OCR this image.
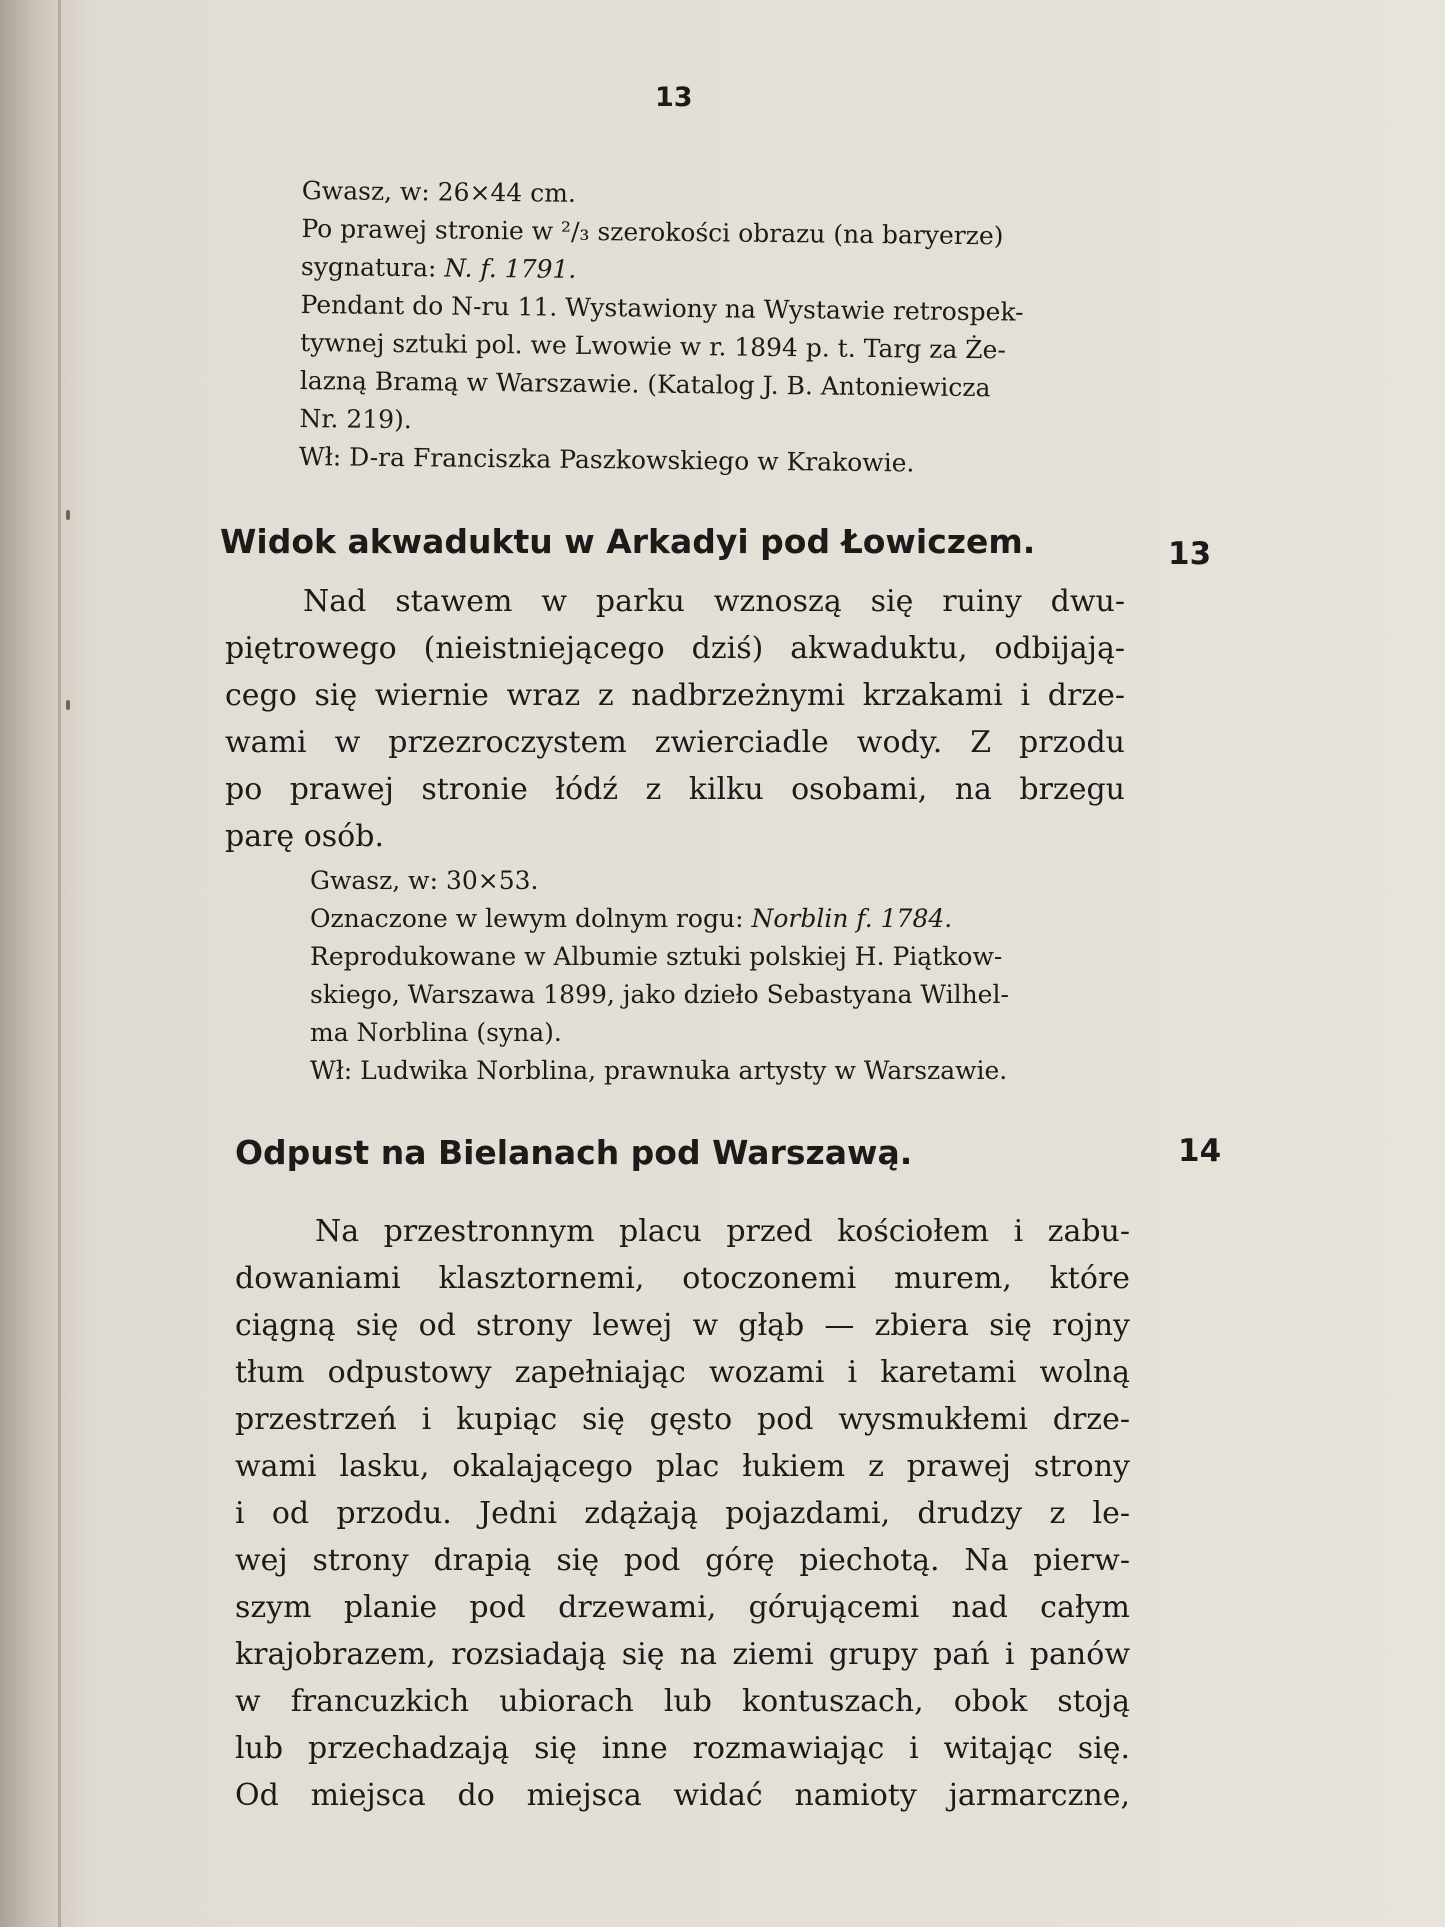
13
Gwasz, w: 26×44 cm.
Po prawej stronie w ²/₃ szerokości obrazu (na baryerze)
sygnatura: N. f. 1791.
Pendant do N-ru 11. Wystawiony na Wystawie retrospek-
tywnej sztuki pol. we Lwowie w r. 1894 p. t. Targ za Że-
lazną Bramą w Warszawie. (Katalog J. B. Antoniewicza
Nr. 219).
Wł: D-ra Franciszka Paszkowskiego w Krakowie.
Widok akwaduktu w Arkadyi pod Łowiczem.	13
Nad stawem w parku wznoszą się ruiny dwu-
piętrowego (nieistniejącego dziś) akwaduktu, odbijają-
cego się wiernie wraz z nadbrzeżnymi krzakami i drze-
wami w przezroczystem zwierciadle wody. Z przodu
po prawej stronie łódź z kilku osobami, na brzegu
parę osób.
Gwasz, w: 30×53.
Oznaczone w lewym dolnym rogu: Norblin f. 1784.
Reprodukowane w Albumie sztuki polskiej H. Piątkow-
skiego, Warszawa 1899, jako dzieło Sebastyana Wilhel-
ma Norblina (syna).
Wł: Ludwika Norblina, prawnuka artysty w Warszawie.
Odpust na Bielanach pod Warszawą.	14
Na przestronnym placu przed kościołem i zabu-
dowaniami klasztornemi, otoczonemi murem, które
ciągną się od strony lewej w głąb — zbiera się rojny
tłum odpustowy zapełniając wozami i karetami wolną
przestrzeń i kupiąc się gęsto pod wysmukłemi drze-
wami lasku, okalającego plac łukiem z prawej strony
i od przodu. Jedni zdążają pojazdami, drudzy z le-
wej strony drapią się pod górę piechotą. Na pierw-
szym planie pod drzewami, górującemi nad całym
krajobrazem, rozsiadają się na ziemi grupy pań i panów
w francuzkich ubiorach lub kontuszach, obok stoją
lub przechadzają się inne rozmawiając i witając się.
Od miejsca do miejsca widać namioty jarmarczne,
